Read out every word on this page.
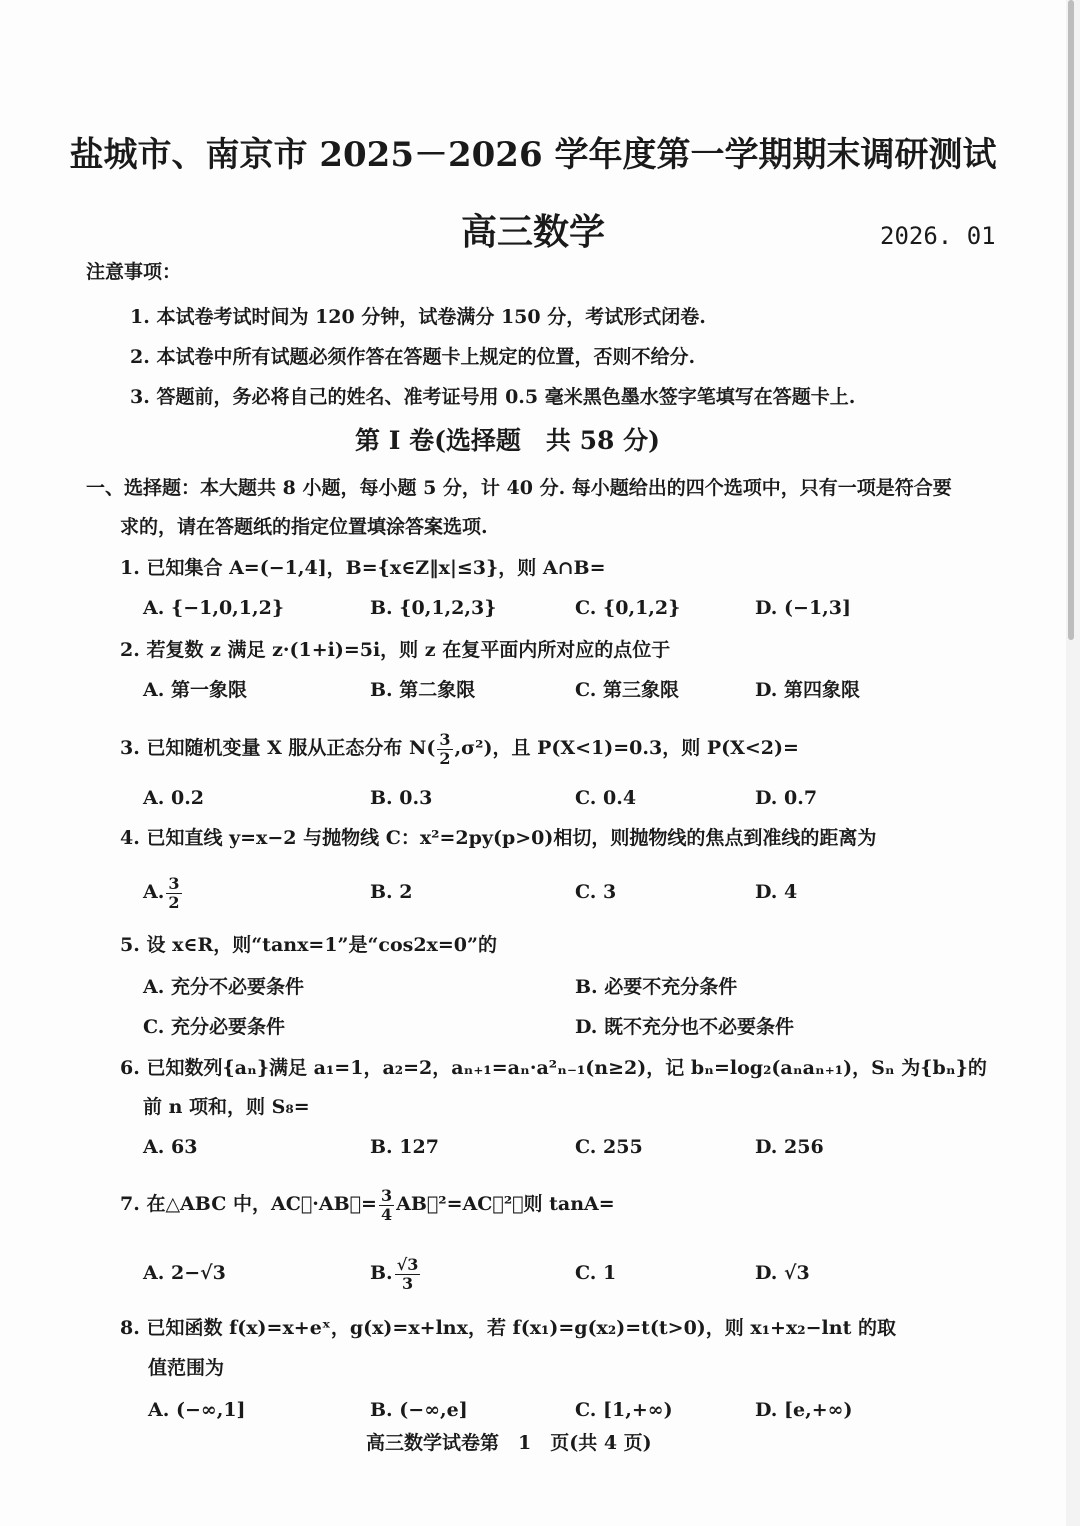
盐城市、南京市 2025－2026 学年度第一学期期末调研测试
高三数学	2026. 01
注意事项：
1. 本试卷考试时间为 120 分钟，试卷满分 150 分，考试形式闭卷.
2. 本试卷中所有试题必须作答在答题卡上规定的位置，否则不给分.
3. 答题前，务必将自己的姓名、准考证号用 0.5 毫米黑色墨水签字笔填写在答题卡上.
第 Ⅰ 卷(选择题　共 58 分)
一、选择题：本大题共 8 小题，每小题 5 分，计 40 分. 每小题给出的四个选项中，只有一项是符合要
求的，请在答题纸的指定位置填涂答案选项.
1. 已知集合 A=(−1,4]，B={x∈Z‖x|≤3}，则 A∩B=
A. {−1,0,1,2}	B. {0,1,2,3}	C. {0,1,2}	D. (−1,3]
2. 若复数 z 满足 z·(1+i)=5i，则 z 在复平面内所对应的点位于
A. 第一象限	B. 第二象限	C. 第三象限	D. 第四象限
3. 已知随机变量 X 服从正态分布 $N( \frac{3}{2} ,\sigma^2)$，且 P(X<1)=0.3，则 P(X<2)=
A. 0.2	B. 0.3	C. 0.4	D. 0.7
4. 已知直线 y=x−2 与抛物线 C：x²=2py(p>0)相切，则抛物线的焦点到准线的距离为
A. $\frac{3}{2}$	B. 2	C. 3	D. 4
5. 设 x∈R，则“tanx=1”是“cos2x=0”的
A. 充分不必要条件	B. 必要不充分条件
C. 充分必要条件	D. 既不充分也不必要条件
6. 已知数列{aₙ}满足 a₁=1，a₂=2，aₙ₊₁=aₙ·a²ₙ₋₁(n≥2)，记 bₙ=log₂(aₙaₙ₊₁)，Sₙ 为{bₙ}的
前 n 项和，则 S₈=
A. 63	B. 127	C. 255	D. 256
7. 在△ABC 中，AC⃗·AB⃗= $\frac{3}{4}$ AB⃗²=AC⃗²，则 tanA=
A. 2−√3	B. $\frac{√3}{3}$	C. 1	D. √3
8. 已知函数 f(x)=x+eˣ，g(x)=x+lnx，若 f(x₁)=g(x₂)=t(t>0)，则 x₁+x₂−lnt 的取
值范围为
A. (−∞,1]	B. (−∞,e]	C. [1,+∞)	D. [e,+∞)
高三数学试卷第　1　页(共 4 页)
